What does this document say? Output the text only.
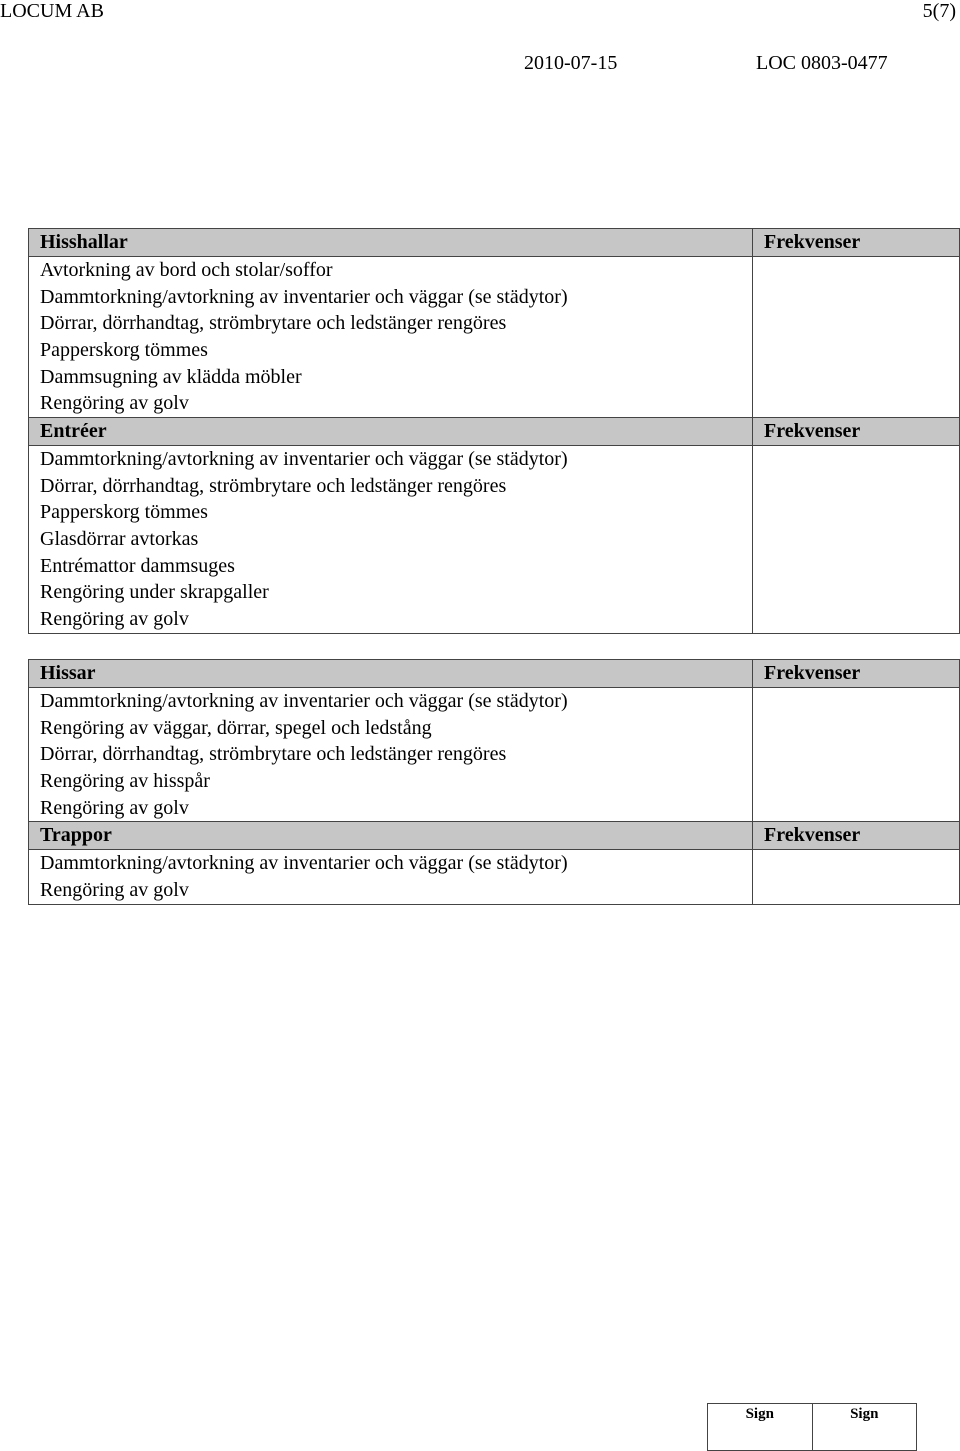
LOCUM AB	5(7)
2010-07-15	LOC 0803-0477
Hisshallar	Frekvenser
Avtorkning av bord och stolar/soffor	
Dammtorkning/avtorkning av inventarier och väggar (se städytor)	
Dörrar, dörrhandtag, strömbrytare och ledstänger rengöres	
Papperskorg tömmes	
Dammsugning av klädda möbler	
Rengöring av golv	
Entréer	Frekvenser
Dammtorkning/avtorkning av inventarier och väggar (se städytor)	
Dörrar, dörrhandtag, strömbrytare och ledstänger rengöres	
Papperskorg tömmes	
Glasdörrar avtorkas	
Entrémattor dammsuges	
Rengöring under skrapgaller	
Rengöring av golv	
Hissar	Frekvenser
Dammtorkning/avtorkning av inventarier och väggar (se städytor)	
Rengöring av väggar, dörrar, spegel och ledstång	
Dörrar, dörrhandtag, strömbrytare och ledstänger rengöres	
Rengöring av hisspår	
Rengöring av golv	
Trappor	Frekvenser
Dammtorkning/avtorkning av inventarier och väggar (se städytor)	
Rengöring av golv	
Sign	Sign
